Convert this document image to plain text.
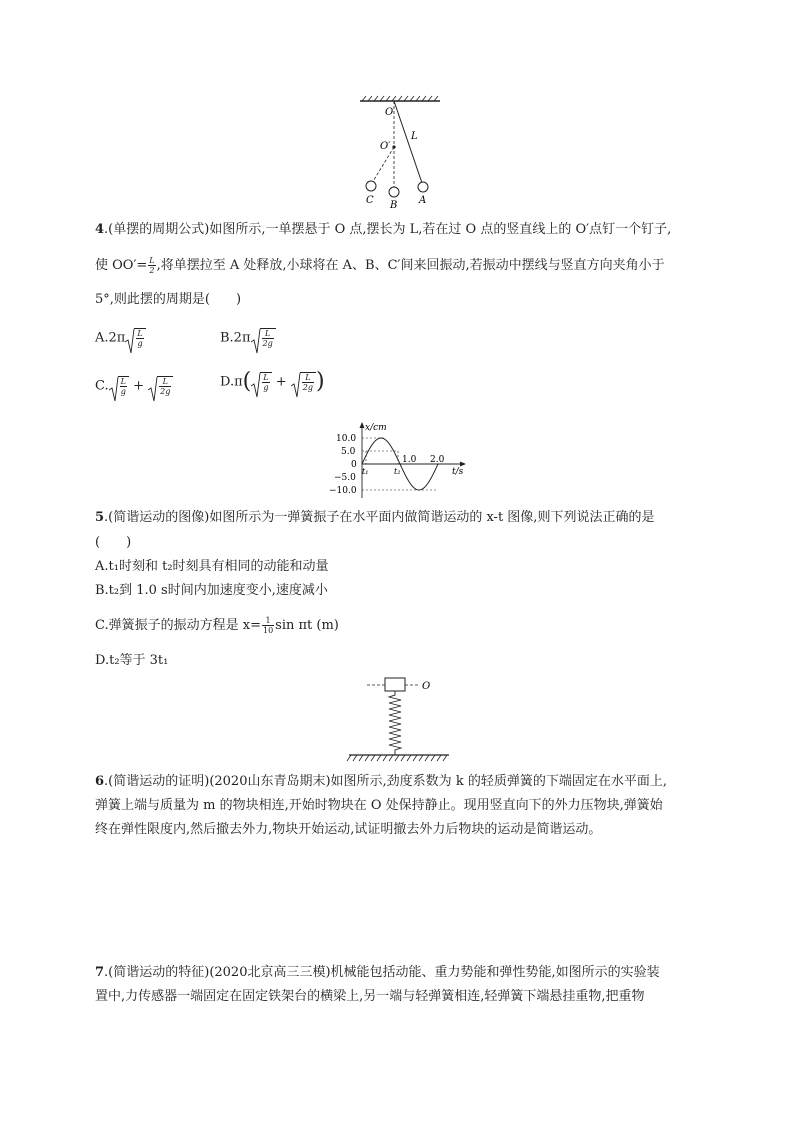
O
O′
L
C B A
4.(单摆的周期公式)如图所示,一单摆悬于 O 点,摆长为 L,若在过 O 点的竖直线上的 O′点钉一个钉子,
使 $OO'= \frac{L}{2}$ ,将单摆拉至 A 处释放,小球将在 A、B、C′间来回振动,若振动中摆线与竖直方向夹角小于
5°,则此摆的周期是(　　)
$A.2\pi \frac{L}{g}$	$B.2\pi \frac{L}{2g}$
C. $\frac{L}{g} + \frac{L}{2g}$	$D.\pi( \frac{L}{g} + \frac{L}{2g}$ )
x/cm
t/s
10.0
5.0
0
−5.0
−10.0
1.0 2.0
t₁	t₂
5.(简谐运动的图像)如图所示为一弹簧振子在水平面内做简谐运动的 x-t 图像,则下列说法正确的是
(　　)
A.t₁时刻和 t₂时刻具有相同的动能和动量
B.t₂到 1.0 s时间内加速度变小,速度减小
C.弹簧振子的振动方程是 $x= \frac{1}{10}$ sin πt (m)
D.t₂等于 3t₁
O
6.(简谐运动的证明)(2020山东青岛期末)如图所示,劲度系数为 k 的轻质弹簧的下端固定在水平面上,
弹簧上端与质量为 m 的物块相连,开始时物块在 O 处保持静止。现用竖直向下的外力压物块,弹簧始
终在弹性限度内,然后撤去外力,物块开始运动,试证明撤去外力后物块的运动是简谐运动。
7.(简谐运动的特征)(2020北京高三三模)机械能包括动能、重力势能和弹性势能,如图所示的实验装
置中,力传感器一端固定在固定铁架台的横梁上,另一端与轻弹簧相连,轻弹簧下端悬挂重物,把重物
